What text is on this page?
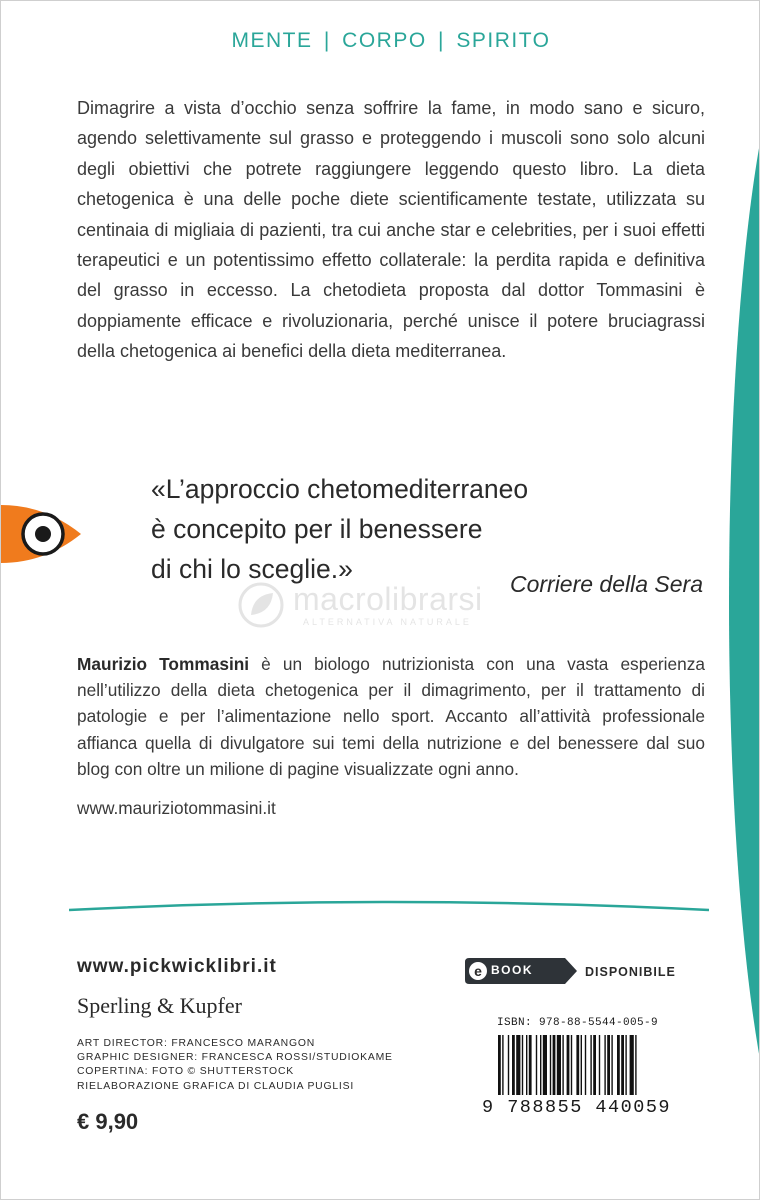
MENTE | CORPO | SPIRITO

Dimagrire a vista d’occhio senza soffrire la fame, in modo sano e sicuro, agendo selettivamente sul grasso e proteggendo i muscoli sono solo alcuni degli obiettivi che potrete raggiungere leggendo questo libro. La dieta chetogenica è una delle poche diete scientificamente testate, utilizzata su centinaia di migliaia di pazienti, tra cui anche star e celebrities, per i suoi effetti terapeutici e un potentissimo effetto collaterale: la perdita rapida e definitiva del grasso in eccesso. La chetodieta proposta dal dottor Tommasini è doppiamente efficace e rivoluzionaria, perché unisce il potere bruciagrassi della chetogenica ai benefici della dieta mediterranea.

«L’approccio chetomediterraneo
è concepito per il benessere
di chi lo sceglie.»	Corriere della Sera
macrolibrarsi
ALTERNATIVA NATURALE

Maurizio Tommasini è un biologo nutrizionista con una vasta esperienza nell’utilizzo della dieta chetogenica per il dimagrimento, per il trattamento di patologie e per l’alimentazione nello sport. Accanto all’attività professionale affianca quella di divulgatore sui temi della nutrizione e del benessere dal suo blog con oltre un milione di pagine visualizzate ogni anno.

www.mauriziotommasini.it
www.pickwicklibri.it
Sperling & Kupfer
ART DIRECTOR: FRANCESCO MARANGON
GRAPHIC DESIGNER: FRANCESCA ROSSI/STUDIOKAME
COPERTINA: FOTO © SHUTTERSTOCK
RIELABORAZIONE GRAFICA DI CLAUDIA PUGLISI
€ 9,90
e BOOK	DISPONIBILE
ISBN: 978-88-5544-005-9
9 788855 440059
